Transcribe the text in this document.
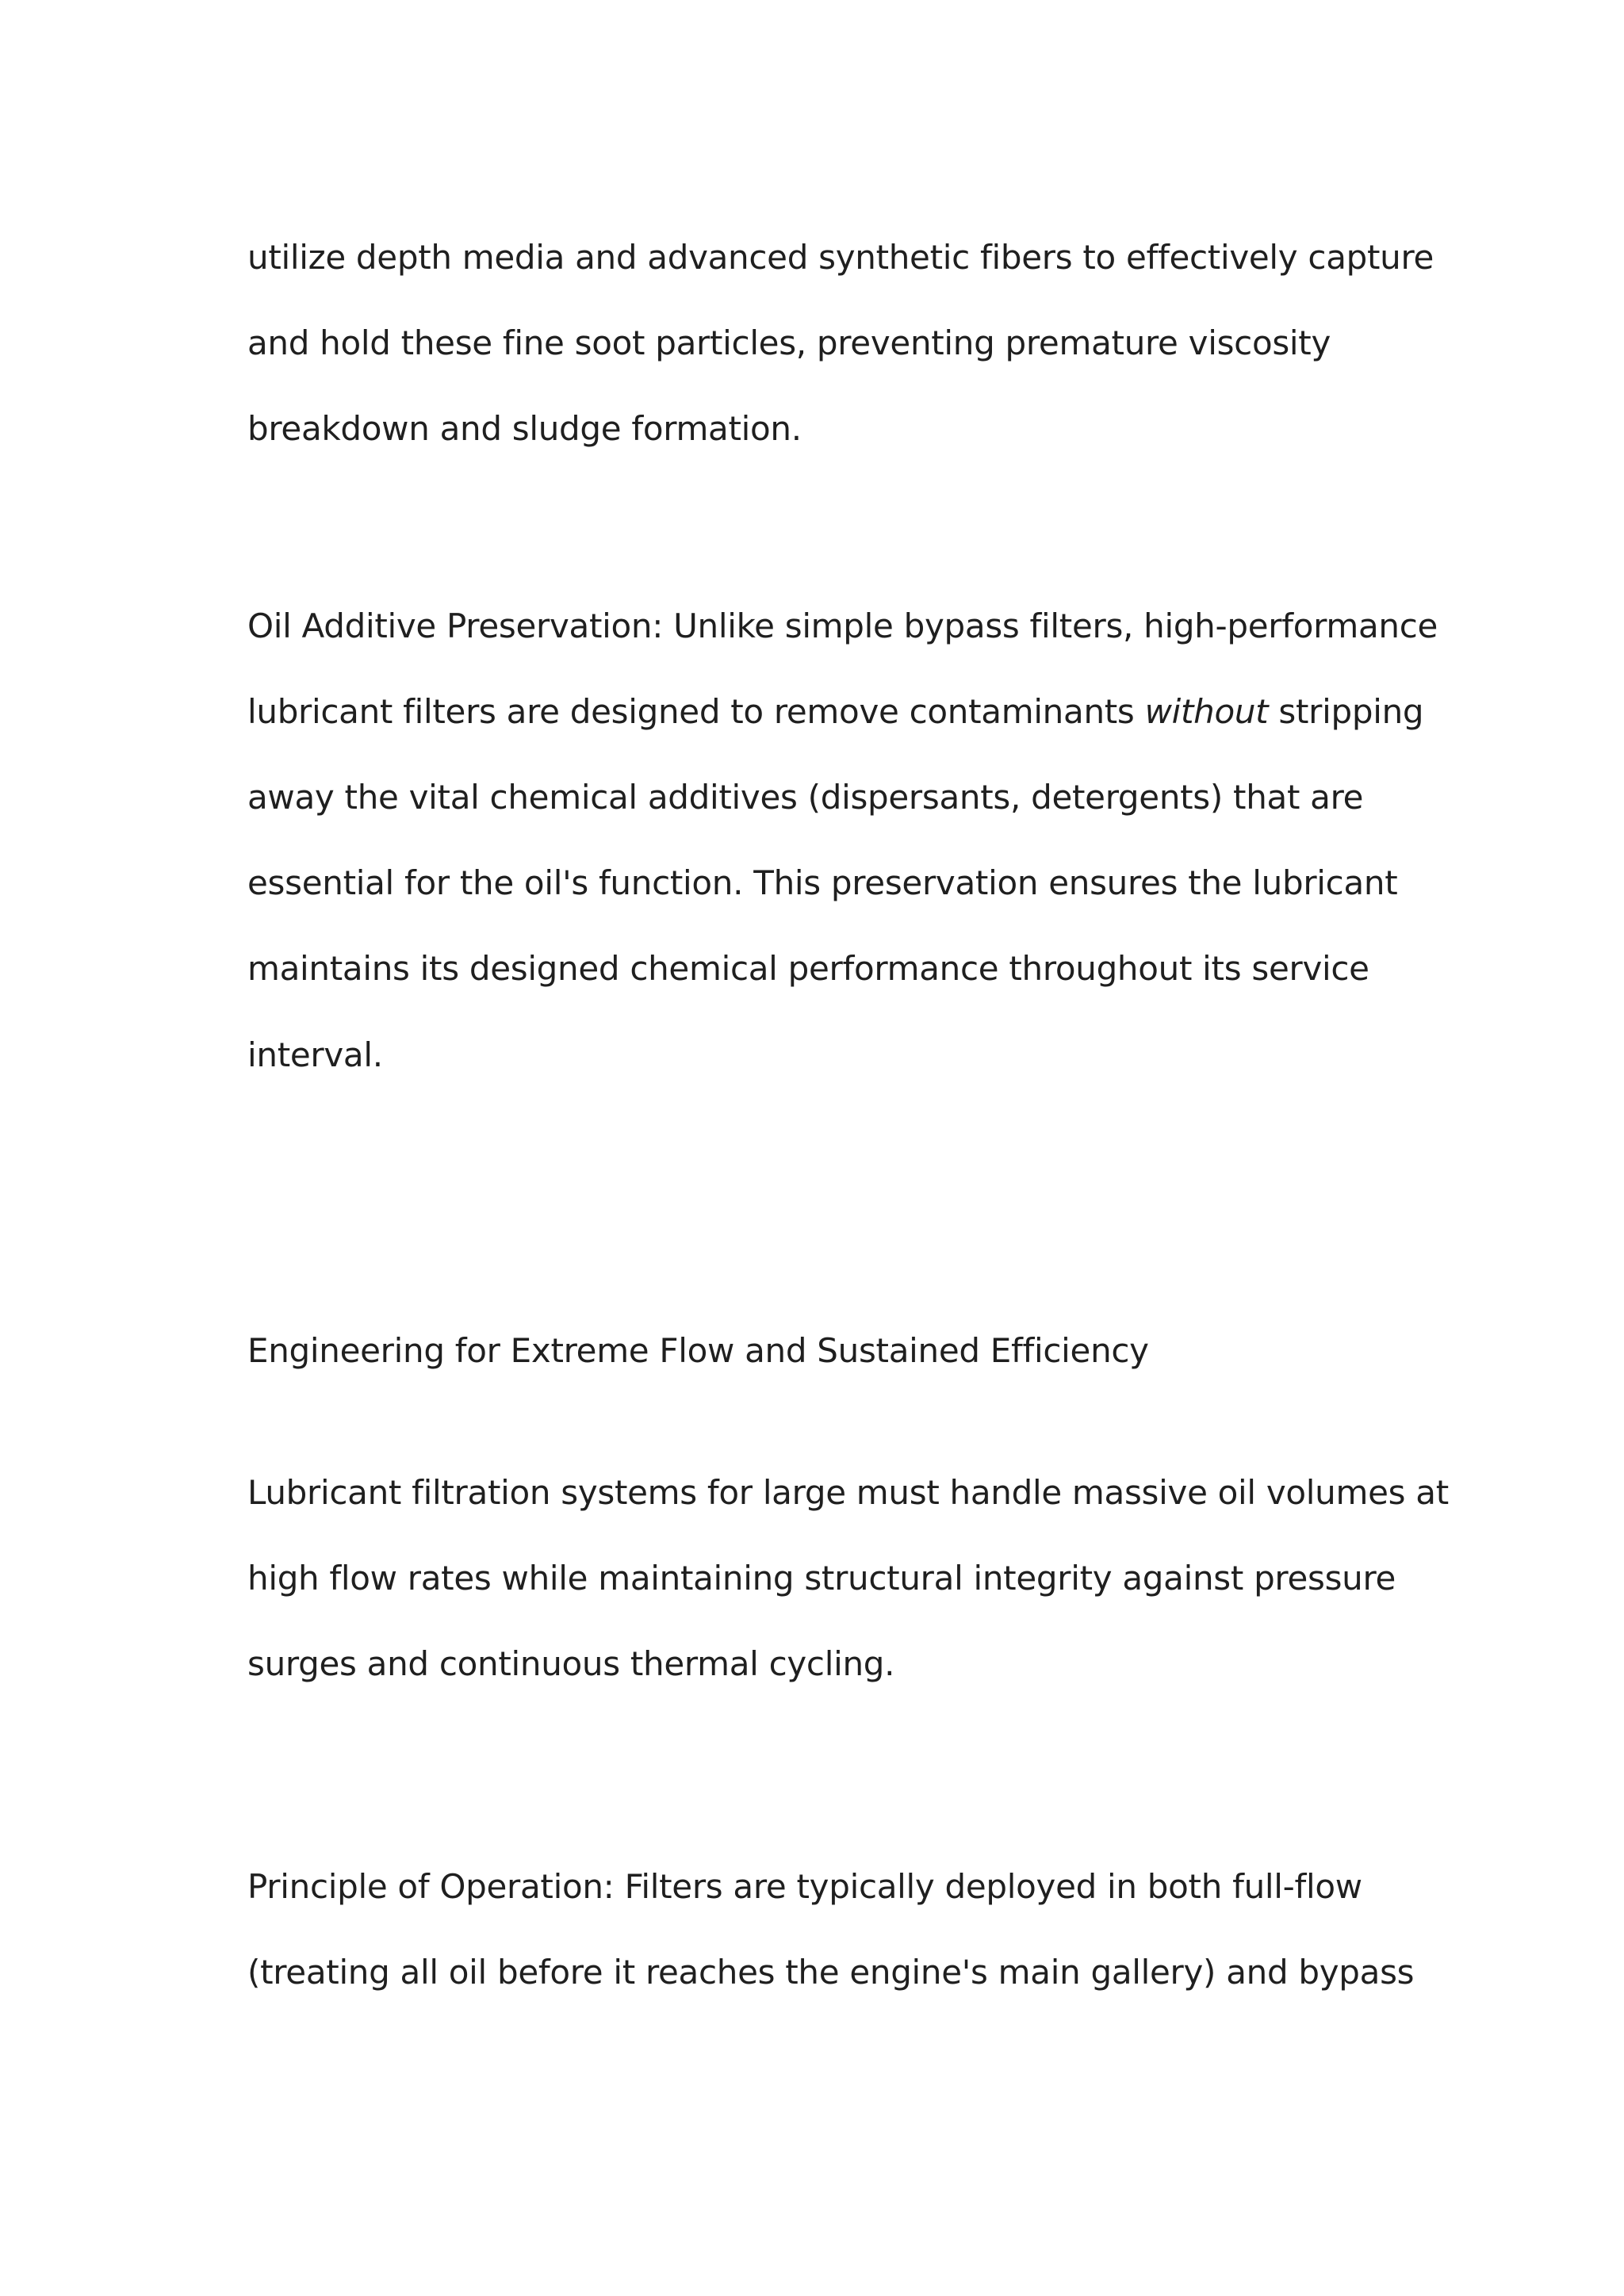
utilize depth media and advanced synthetic fibers to effectively capture

and hold these fine soot particles, preventing premature viscosity

breakdown and sludge formation.

Oil Additive Preservation: Unlike simple bypass filters, high-performance

lubricant filters are designed to remove contaminants without stripping

away the vital chemical additives (dispersants, detergents) that are

essential for the oil's function. This preservation ensures the lubricant

maintains its designed chemical performance throughout its service

interval.

Engineering for Extreme Flow and Sustained Efficiency

Lubricant filtration systems for large must handle massive oil volumes at

high flow rates while maintaining structural integrity against pressure

surges and continuous thermal cycling.

Principle of Operation: Filters are typically deployed in both full-flow

(treating all oil before it reaches the engine's main gallery) and bypass
